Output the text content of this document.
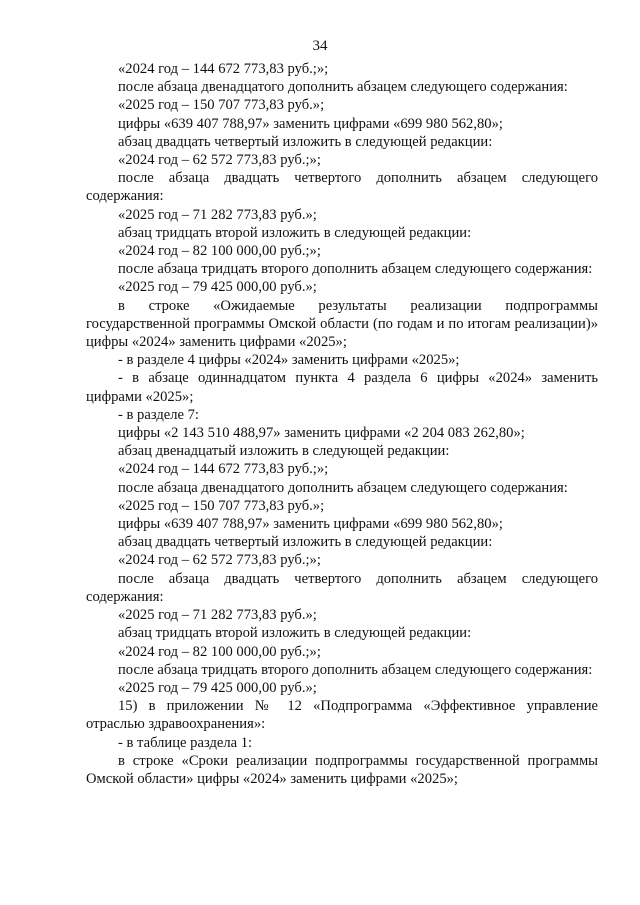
34

«2024 год – 144 672 773,83 руб.;»;

после абзаца двенадцатого дополнить абзацем следующего содержания:

«2025 год – 150 707 773,83 руб.»;

цифры «639 407 788,97» заменить цифрами «699 980 562,80»;

абзац двадцать четвертый изложить в следующей редакции:

«2024 год – 62 572 773,83 руб.;»;

после абзаца двадцать четвертого дополнить абзацем следующего содержания:

«2025 год – 71 282 773,83 руб.»;

абзац тридцать второй изложить в следующей редакции:

«2024 год – 82 100 000,00 руб.;»;

после абзаца тридцать второго дополнить абзацем следующего содержания:

«2025 год – 79 425 000,00 руб.»;

в строке «Ожидаемые результаты реализации подпрограммы государственной программы Омской области (по годам и по итогам реализации)» цифры «2024» заменить цифрами «2025»;

- в разделе 4 цифры «2024» заменить цифрами «2025»;

- в абзаце одиннадцатом пункта 4 раздела 6 цифры «2024» заменить цифрами «2025»;

- в разделе 7:

цифры «2 143 510 488,97» заменить цифрами «2 204 083 262,80»;

абзац двенадцатый изложить в следующей редакции:

«2024 год – 144 672 773,83 руб.;»;

после абзаца двенадцатого дополнить абзацем следующего содержания:

«2025 год – 150 707 773,83 руб.»;

цифры «639 407 788,97» заменить цифрами «699 980 562,80»;

абзац двадцать четвертый изложить в следующей редакции:

«2024 год – 62 572 773,83 руб.;»;

после абзаца двадцать четвертого дополнить абзацем следующего содержания:

«2025 год – 71 282 773,83 руб.»;

абзац тридцать второй изложить в следующей редакции:

«2024 год – 82 100 000,00 руб.;»;

после абзаца тридцать второго дополнить абзацем следующего содержания:

«2025 год – 79 425 000,00 руб.»;

15) в приложении № 12 «Подпрограмма «Эффективное управление отраслью здравоохранения»:

- в таблице раздела 1:

в строке «Сроки реализации подпрограммы государственной программы Омской области» цифры «2024» заменить цифрами «2025»;
